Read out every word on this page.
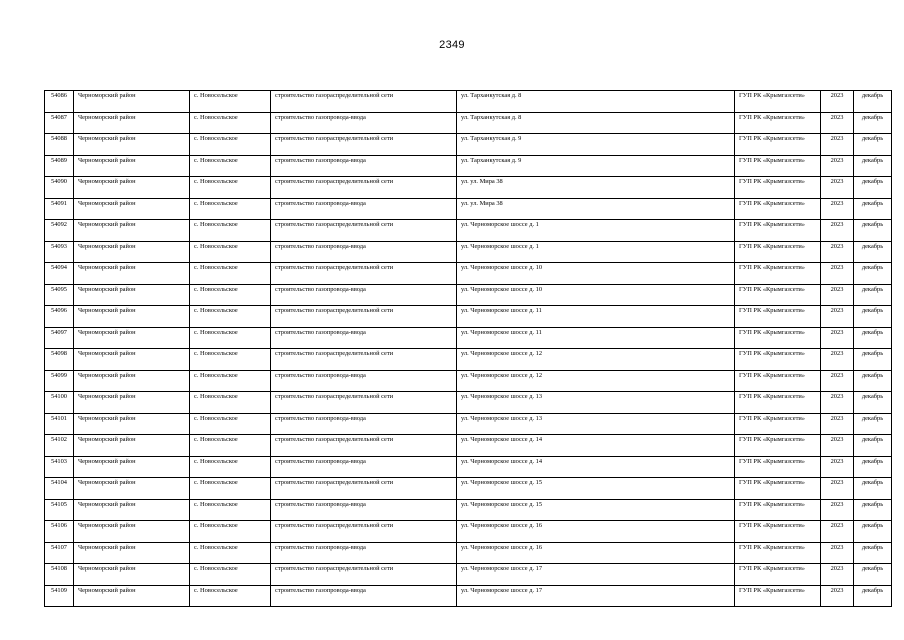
2349
54086	Черноморский район	с. Новосельское	строительство газораспределительной сети	ул. Тарханкутская д. 8	ГУП РК «Крымгазсети»	2023	декабрь
54087	Черноморский район	с. Новосельское	строительство газопровода-ввода	ул. Тарханкутская д. 8	ГУП РК «Крымгазсети»	2023	декабрь
54088	Черноморский район	с. Новосельское	строительство газораспределительной сети	ул. Тарханкутская д. 9	ГУП РК «Крымгазсети»	2023	декабрь
54089	Черноморский район	с. Новосельское	строительство газопровода-ввода	ул. Тарханкутская д. 9	ГУП РК «Крымгазсети»	2023	декабрь
54090	Черноморский район	с. Новосельское	строительство газораспределительной сети	ул. ул. Мира 38	ГУП РК «Крымгазсети»	2023	декабрь
54091	Черноморский район	с. Новосельское	строительство газопровода-ввода	ул. ул. Мира 38	ГУП РК «Крымгазсети»	2023	декабрь
54092	Черноморский район	с. Новосельское	строительство газораспределительной сети	ул. Черноморское шоссе д. 1	ГУП РК «Крымгазсети»	2023	декабрь
54093	Черноморский район	с. Новосельское	строительство газопровода-ввода	ул. Черноморское шоссе д. 1	ГУП РК «Крымгазсети»	2023	декабрь
54094	Черноморский район	с. Новосельское	строительство газораспределительной сети	ул. Черноморское шоссе д. 10	ГУП РК «Крымгазсети»	2023	декабрь
54095	Черноморский район	с. Новосельское	строительство газопровода-ввода	ул. Черноморское шоссе д. 10	ГУП РК «Крымгазсети»	2023	декабрь
54096	Черноморский район	с. Новосельское	строительство газораспределительной сети	ул. Черноморское шоссе д. 11	ГУП РК «Крымгазсети»	2023	декабрь
54097	Черноморский район	с. Новосельское	строительство газопровода-ввода	ул. Черноморское шоссе д. 11	ГУП РК «Крымгазсети»	2023	декабрь
54098	Черноморский район	с. Новосельское	строительство газораспределительной сети	ул. Черноморское шоссе д. 12	ГУП РК «Крымгазсети»	2023	декабрь
54099	Черноморский район	с. Новосельское	строительство газопровода-ввода	ул. Черноморское шоссе д. 12	ГУП РК «Крымгазсети»	2023	декабрь
54100	Черноморский район	с. Новосельское	строительство газораспределительной сети	ул. Черноморское шоссе д. 13	ГУП РК «Крымгазсети»	2023	декабрь
54101	Черноморский район	с. Новосельское	строительство газопровода-ввода	ул. Черноморское шоссе д. 13	ГУП РК «Крымгазсети»	2023	декабрь
54102	Черноморский район	с. Новосельское	строительство газораспределительной сети	ул. Черноморское шоссе д. 14	ГУП РК «Крымгазсети»	2023	декабрь
54103	Черноморский район	с. Новосельское	строительство газопровода-ввода	ул. Черноморское шоссе д. 14	ГУП РК «Крымгазсети»	2023	декабрь
54104	Черноморский район	с. Новосельское	строительство газораспределительной сети	ул. Черноморское шоссе д. 15	ГУП РК «Крымгазсети»	2023	декабрь
54105	Черноморский район	с. Новосельское	строительство газопровода-ввода	ул. Черноморское шоссе д. 15	ГУП РК «Крымгазсети»	2023	декабрь
54106	Черноморский район	с. Новосельское	строительство газораспределительной сети	ул. Черноморское шоссе д. 16	ГУП РК «Крымгазсети»	2023	декабрь
54107	Черноморский район	с. Новосельское	строительство газопровода-ввода	ул. Черноморское шоссе д. 16	ГУП РК «Крымгазсети»	2023	декабрь
54108	Черноморский район	с. Новосельское	строительство газораспределительной сети	ул. Черноморское шоссе д. 17	ГУП РК «Крымгазсети»	2023	декабрь
54109	Черноморский район	с. Новосельское	строительство газопровода-ввода	ул. Черноморское шоссе д. 17	ГУП РК «Крымгазсети»	2023	декабрь
